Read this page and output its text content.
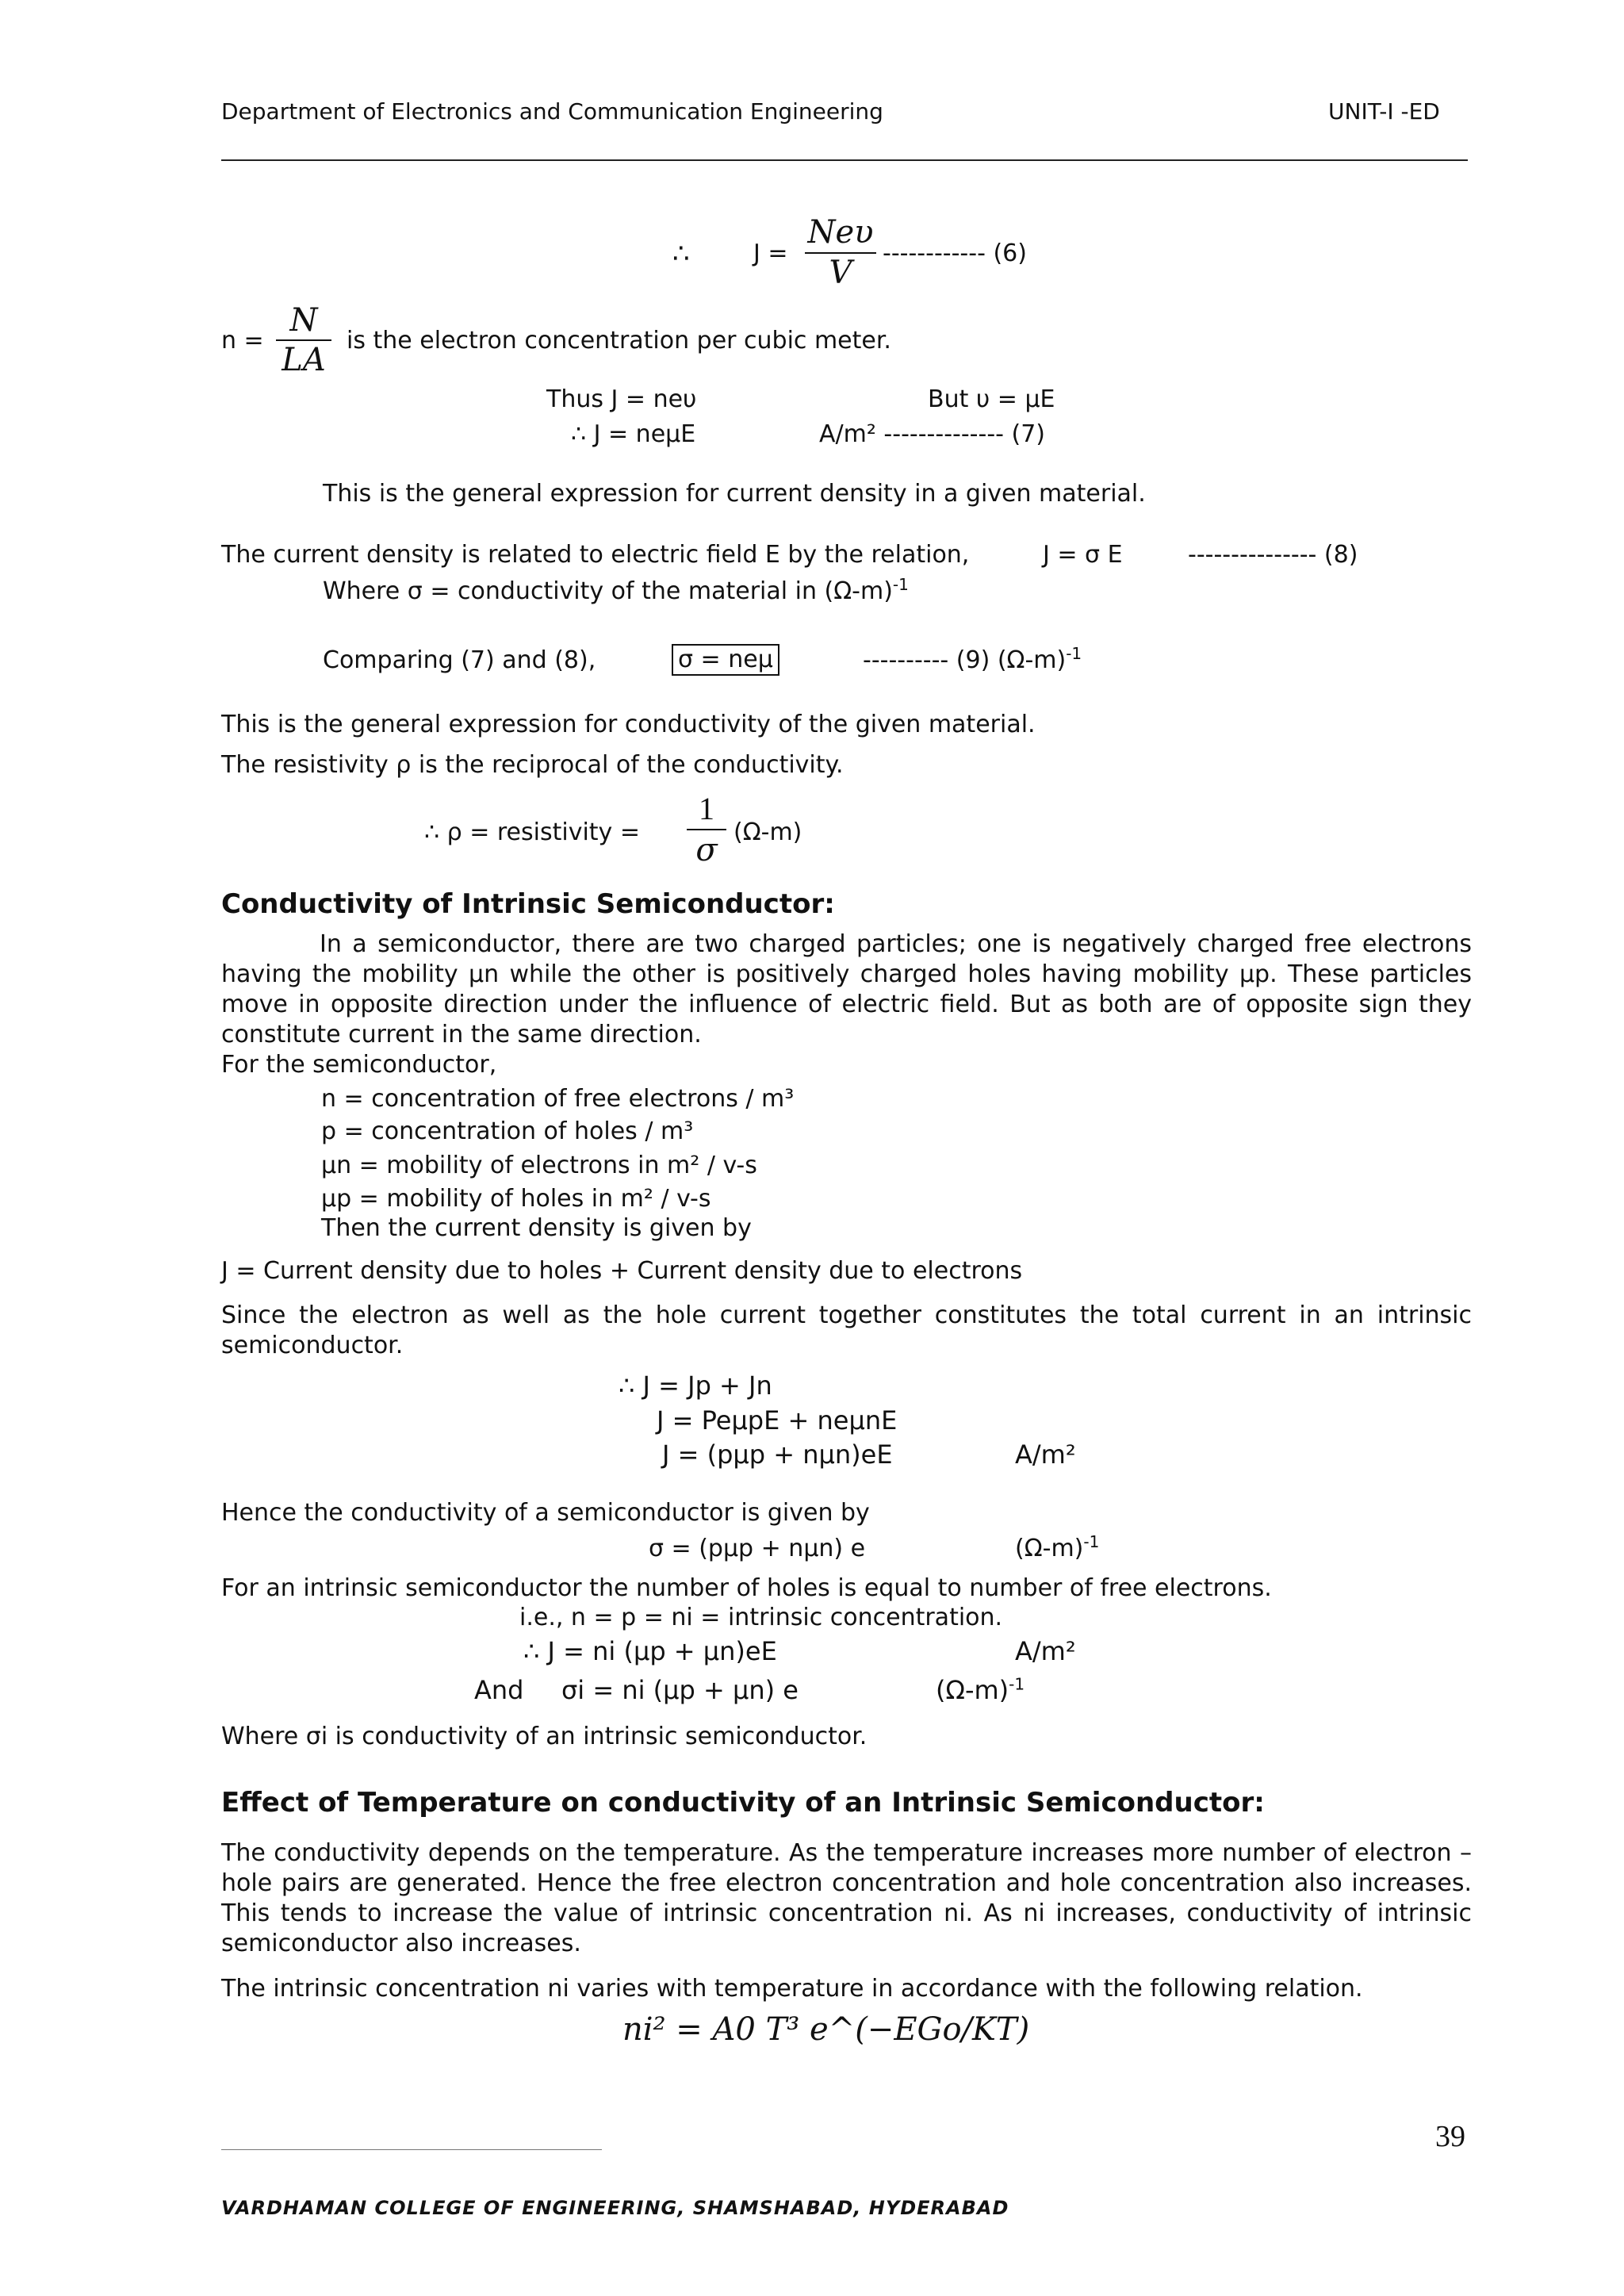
Department of Electronics and Communication Engineering	UNIT-I -ED
∴	J =
Neυ
V
------------ (6)
$n = \frac{N}{LA}$ is the electron concentration per cubic meter.
Thus J = neυ	But υ = μE
∴ J = neμE	A/m² -------------- (7)
This is the general expression for current density in a given material.
The current density is related to electric field E by the relation,	J = σ E	--------------- (8)
Where σ = conductivity of the material in $(\Omega-m)^{-1}$
Comparing (7) and (8),	σ = neμ	---------- (9) $(\Omega-m)^{-1}$
This is the general expression for conductivity of the given material.
The resistivity ρ is the reciprocal of the conductivity.
∴ ρ = resistivity = $\frac{1}{\sigma} (\Omega-m)$
Conductivity of Intrinsic Semiconductor:
In a semiconductor, there are two charged particles; one is negatively charged free electrons having the mobility μn while the other is positively charged holes having mobility μp. These particles move in opposite direction under the influence of electric field. But as both are of opposite sign they constitute current in the same direction.
For the semiconductor,
n = concentration of free electrons / m³
p = concentration of holes / m³
μn = mobility of electrons in m² / v-s
μp = mobility of holes in m² / v-s
Then the current density is given by
J = Current density due to holes + Current density due to electrons
Since the electron as well as the hole current together constitutes the total current in an intrinsic semiconductor.
∴ J = Jp + Jn
J = PeμpE + neμnE
J = (pμp + nμn)eE	A/m²
Hence the conductivity of a semiconductor is given by
σ = (pμp + nμn) e	$(\Omega-m)^{-1}$
For an intrinsic semiconductor the number of holes is equal to number of free electrons.
i.e., n = p = ni = intrinsic concentration.
∴ J = ni (μp + μn)eE	A/m²
And σi = ni (μp + μn) e	$(\Omega-m)^{-1}$
Where σi is conductivity of an intrinsic semiconductor.
Effect of Temperature on conductivity of an Intrinsic Semiconductor:
The conductivity depends on the temperature. As the temperature increases more number of electron – hole pairs are generated. Hence the free electron concentration and hole concentration also increases. This tends to increase the value of intrinsic concentration ni. As ni increases, conductivity of intrinsic semiconductor also increases.
The intrinsic concentration ni varies with temperature in accordance with the following relation.
ni² = A0 T³ e^(−EGo/KT)
39
VARDHAMAN COLLEGE OF ENGINEERING, SHAMSHABAD, HYDERABAD
